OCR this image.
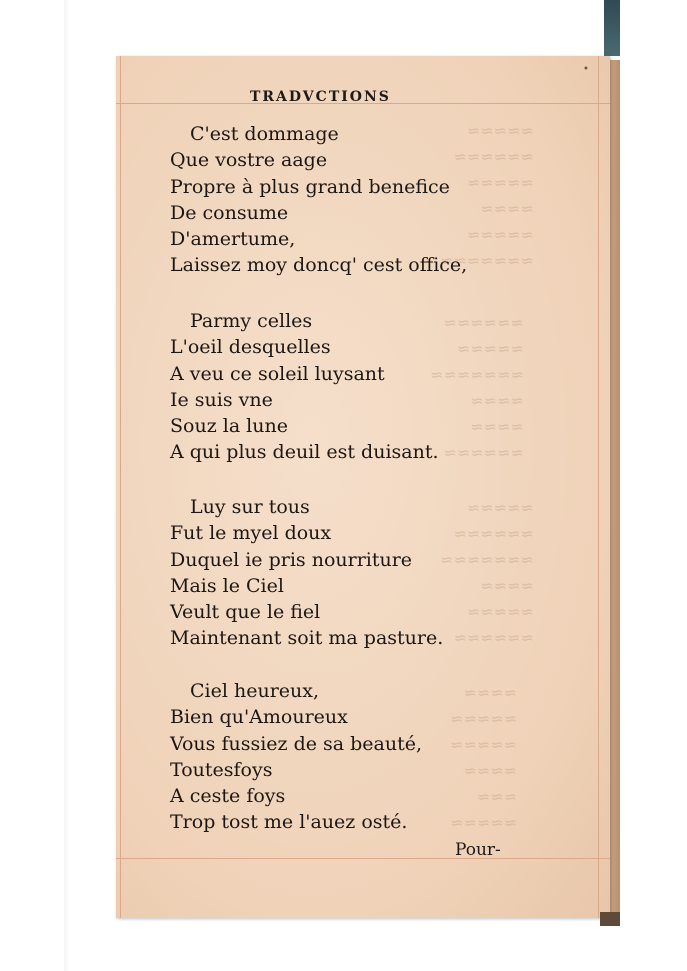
≈≈≈≈≈
≈≈≈≈≈≈
≈≈≈≈≈
≈≈≈≈
≈≈≈≈≈
≈≈≈≈≈≈≈
≈≈≈≈≈≈
≈≈≈≈≈
≈≈≈≈≈≈≈
≈≈≈≈
≈≈≈≈
≈≈≈≈≈≈
≈≈≈≈≈
≈≈≈≈≈≈
≈≈≈≈≈≈≈
≈≈≈≈
≈≈≈≈≈
≈≈≈≈≈≈
≈≈≈≈
≈≈≈≈≈
≈≈≈≈≈
≈≈≈≈
≈≈≈
≈≈≈≈≈
•
TRADVCTIONS
C'est dommage
Que vostre aage
Propre à plus grand benefice
De consume
D'amertume,
Laissez moy doncq' cest office,
Parmy celles
L'oeil desquelles
A veu ce soleil luysant
Ie suis vne
Souz la lune
A qui plus deuil est duisant.
Luy sur tous
Fut le myel doux
Duquel ie pris nourriture
Mais le Ciel
Veult que le fiel
Maintenant soit ma pasture.
Ciel heureux,
Bien qu'Amoureux
Vous fussiez de sa beauté,
Toutesfoys
A ceste foys
Trop tost me l'auez osté.
Pour-
